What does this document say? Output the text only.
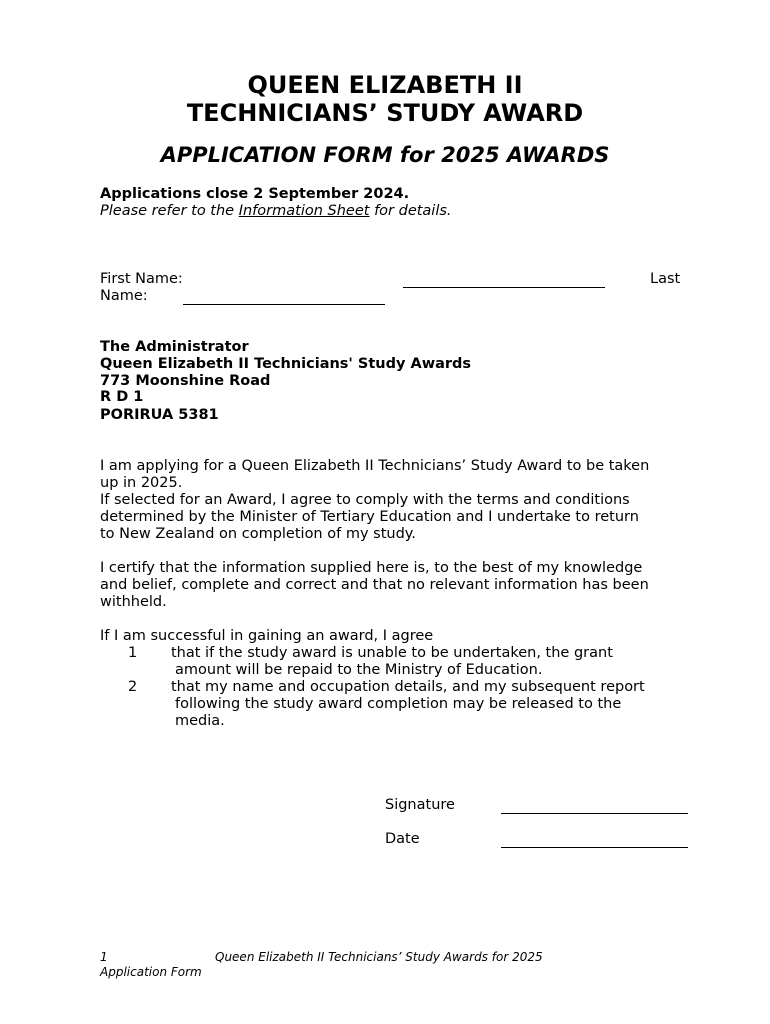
QUEEN ELIZABETH II
TECHNICIANS’ STUDY AWARD
APPLICATION FORM for 2025 AWARDS
Applications close 2 September 2024.
Please refer to the Information Sheet for details.
First Name:	Last
Name:
The Administrator
Queen Elizabeth II Technicians' Study Awards
773 Moonshine Road
R D 1
PORIRUA 5381
I am applying for a Queen Elizabeth II Technicians’ Study Award to be taken
up in 2025.
If selected for an Award, I agree to comply with the terms and conditions
determined by the Minister of Tertiary Education and I undertake to return
to New Zealand on completion of my study.
I certify that the information supplied here is, to the best of my knowledge
and belief, complete and correct and that no relevant information has been
withheld.
If I am successful in gaining an award, I agree
1 that if the study award is unable to be undertaken, the grant
amount will be repaid to the Ministry of Education.
2 that my name and occupation details, and my subsequent report
following the study award completion may be released to the
media.
Signature
Date
1	Queen Elizabeth II Technicians’ Study Awards for 2025
Application Form
